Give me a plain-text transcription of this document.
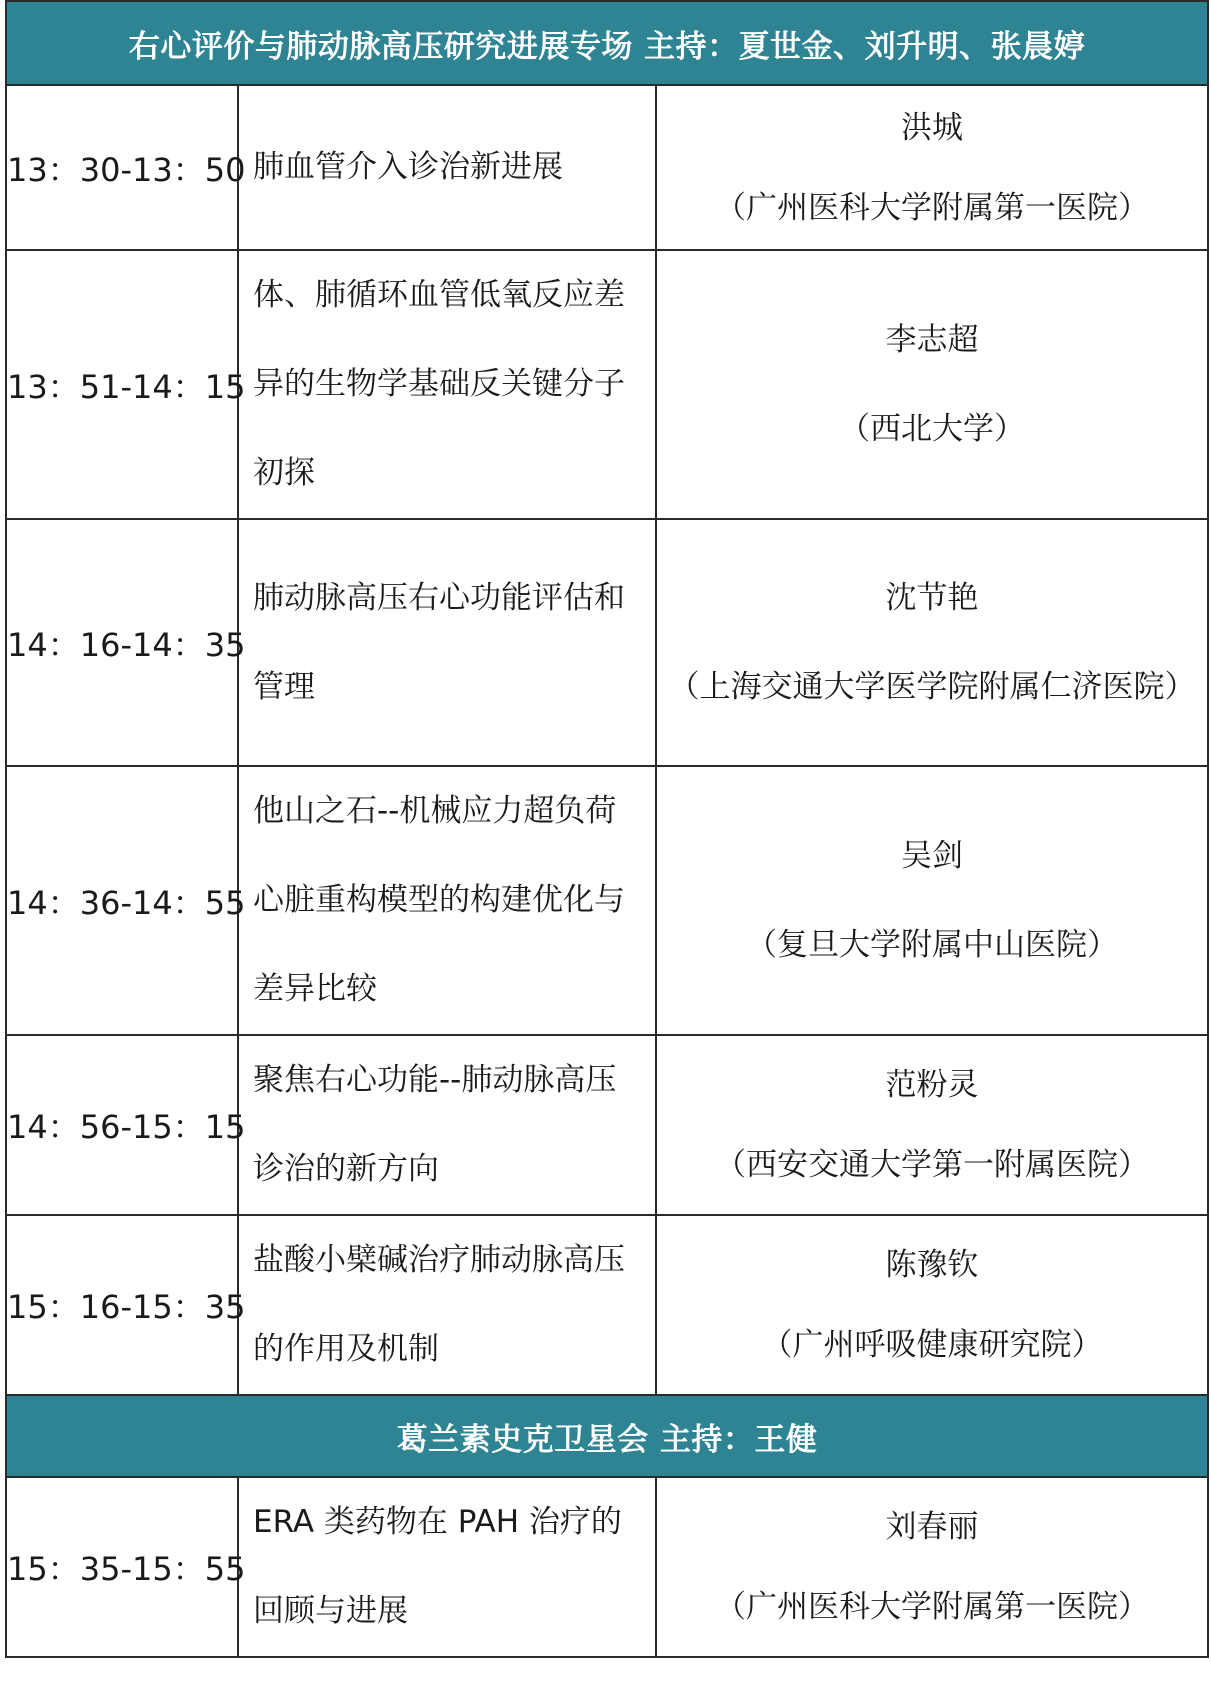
右心评价与肺动脉高压研究进展专场 主持：夏世金、刘升明、张晨婷		
13：30-13：50	肺血管介入诊治新进展	洪城
（广州医科大学附属第一医院）

13：51-14：15	体、肺循环血管低氧反应差异的生物学基础反关键分子初探	李志超
（西北大学）

14：16-14：35	肺动脉高压右心功能评估和管理	沈节艳
（上海交通大学医学院附属仁济医院）

14：36-14：55	他山之石--机械应力超负荷心脏重构模型的构建优化与差异比较	吴剑
（复旦大学附属中山医院）

14：56-15：15	聚焦右心功能--肺动脉高压诊治的新方向	范粉灵
（西安交通大学第一附属医院）

15：16-15：35	盐酸小檗碱治疗肺动脉高压的作用及机制	陈豫钦
（广州呼吸健康研究院）

葛兰素史克卫星会 主持：王健		
15：35-15：55	ERA 类药物在 PAH 治疗的回顾与进展	刘春丽
（广州医科大学附属第一医院）
